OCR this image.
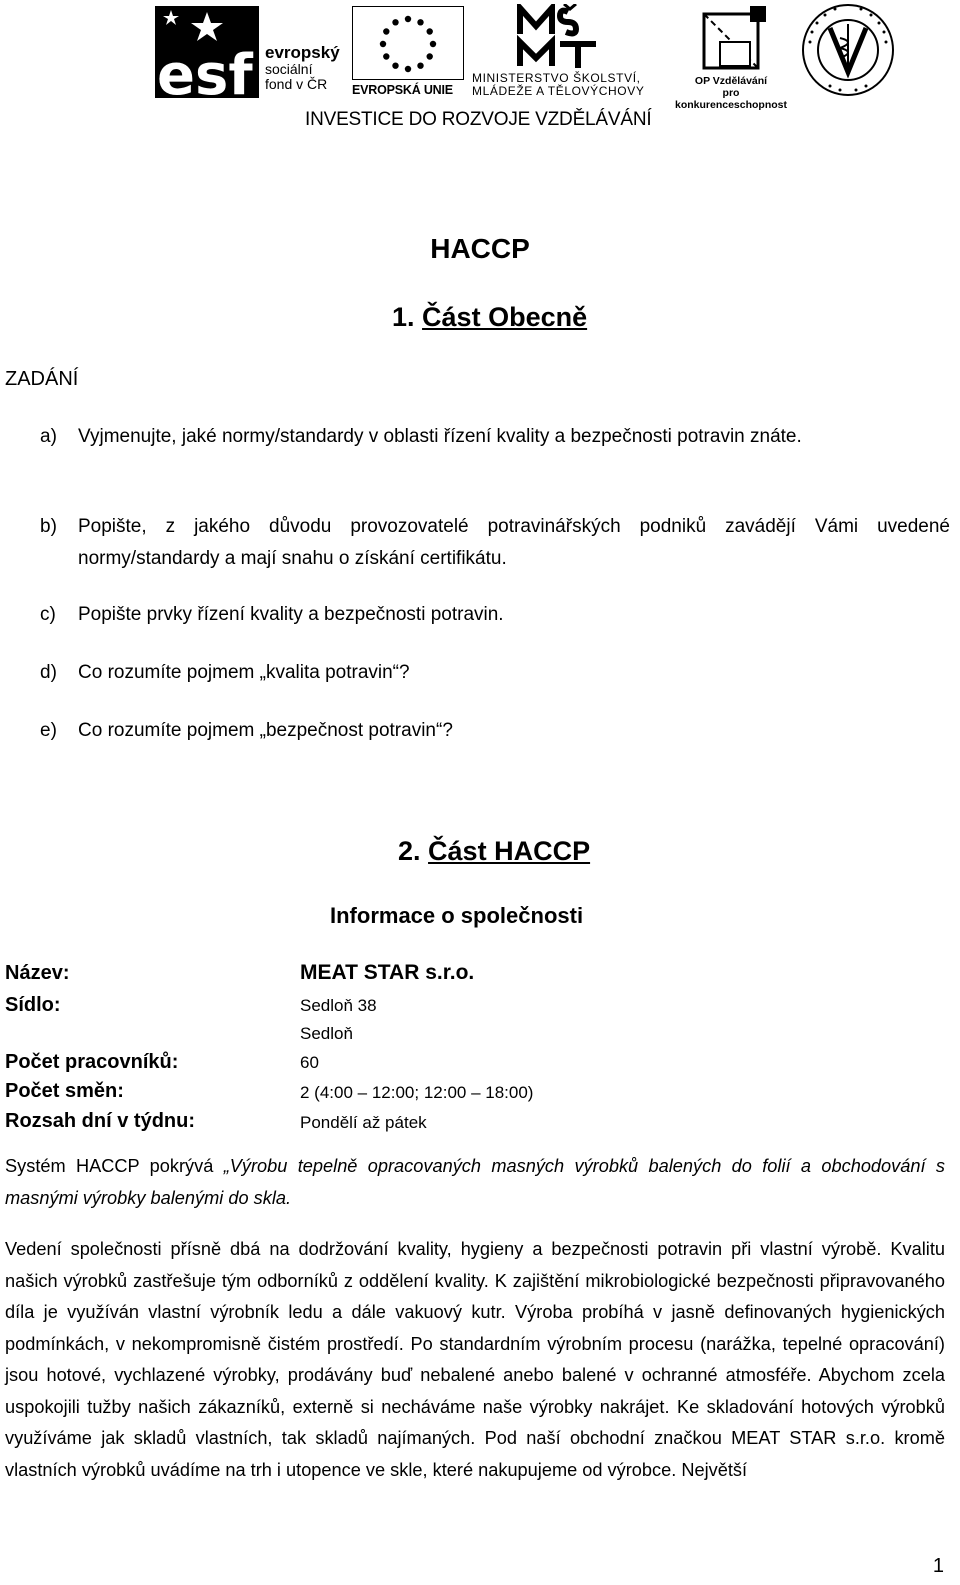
esf evropský
sociální
fond v ČR	EVROPSKÁ UNIE
MINISTERSTVO ŠKOLSTVÍ,
MLÁDEŽE A TĚLOVÝCHOVY
OP Vzdělávání
pro konkurenceschopnost
INVESTICE DO ROZVOJE VZDĚLÁVÁNÍ
HACCP
1. Část Obecně
ZADÁNÍ
a) Vyjmenujte, jaké normy/standardy v oblasti řízení kvality a bezpečnosti potravin znáte.
b) Popište, z jakého důvodu provozovatelé potravinářských podniků zavádějí Vámi uvedené normy/standardy a mají snahu o získání certifikátu.
c) Popište prvky řízení kvality a bezpečnosti potravin.
d) Co rozumíte pojmem „kvalita potravin“?
e) Co rozumíte pojmem „bezpečnost potravin“?
2. Část HACCP
Informace o společnosti
Název:	MEAT STAR s.r.o.
Sídlo:	Sedloň 38
Sedloň
Počet pracovníků:	60
Počet směn:	2 (4:00 – 12:00; 12:00 – 18:00)
Rozsah dní v týdnu:	Pondělí až pátek
Systém HACCP pokrývá „Výrobu tepelně opracovaných masných výrobků balených do folií a obchodování s masnými výrobky balenými do skla.
Vedení společnosti přísně dbá na dodržování kvality, hygieny a bezpečnosti potravin při vlastní výrobě. Kvalitu našich výrobků zastřešuje tým odborníků z oddělení kvality. K zajištění mikrobiologické bezpečnosti připravovaného díla je využíván vlastní výrobník ledu a dále vakuový kutr. Výroba probíhá v jasně definovaných hygienických podmínkách, v nekompromisně čistém prostředí. Po standardním výrobním procesu (narážka, tepelné opracování) jsou hotové, vychlazené výrobky, prodávány buď nebalené anebo balené v ochranné atmosféře. Abychom zcela uspokojili tužby našich zákazníků, externě si necháváme naše výrobky nakrájet. Ke skladování hotových výrobků využíváme jak skladů vlastních, tak skladů najímaných. Pod naší obchodní značkou MEAT STAR s.r.o. kromě vlastních výrobků uvádíme na trh i utopence ve skle, které nakupujeme od výrobce. Největší
1
